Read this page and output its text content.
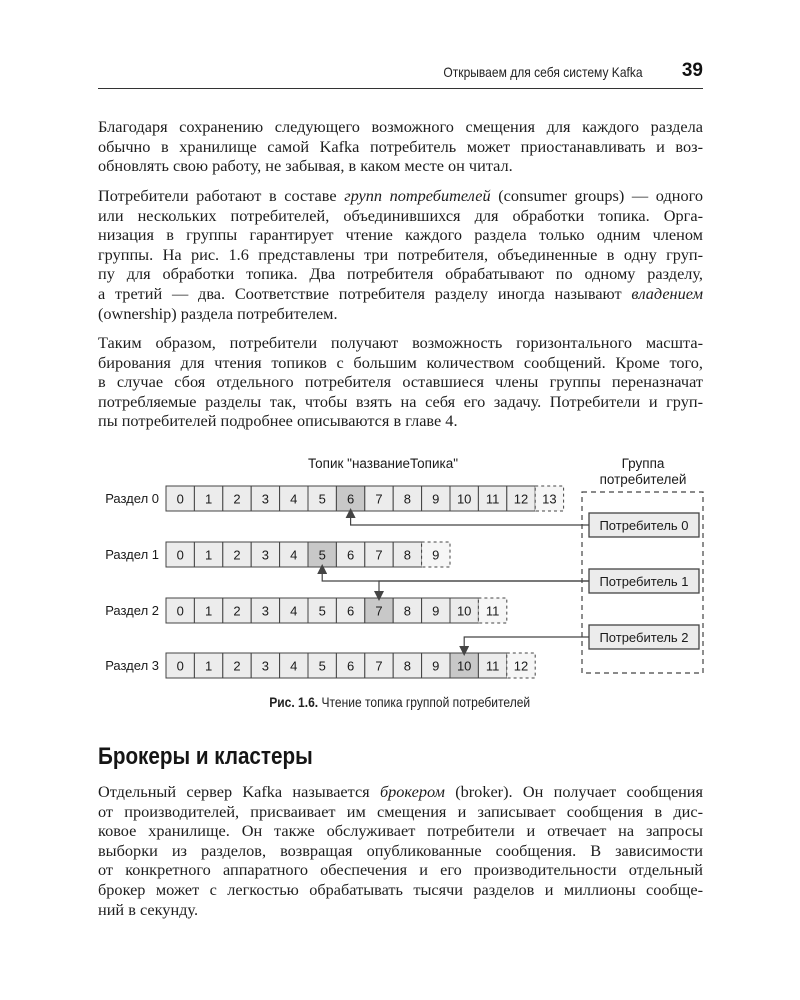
Открываем для себя систему Kafka 39

Благодаря сохранению следующего возможного смещения для каждого раздела
обычно в хранилище самой Kafka потребитель может приостанавливать и воз-
обновлять свою работу, не забывая, в каком месте он читал.

Потребители работают в составе групп потребителей (consumer groups) — одного
или нескольких потребителей, объединившихся для обработки топика. Орга-
низация в группы гарантирует чтение каждого раздела только одним членом
группы. На рис. 1.6 представлены три потребителя, объединенные в одну груп-
пу для обработки топика. Два потребителя обрабатывают по одному разделу,
а третий — два. Соответствие потребителя разделу иногда называют владением
(ownership) раздела потребителем.

Таким образом, потребители получают возможность горизонтального масшта-
бирования для чтения топиков с большим количеством сообщений. Кроме того,
в случае сбоя отдельного потребителя оставшиеся члены группы переназначат
потребляемые разделы так, чтобы взять на себя его задачу. Потребители и груп-
пы потребителей подробнее описываются в главе 4.

Топик "названиеТопика"	Группа
потребителей
Потребитель 0
Потребитель 1
Потребитель 2
Раздел 0 0 1 2 3 4 5 6 7 8 9 10 11 12 13
Раздел 1 0 1 2 3 4 5 6 7 8 9
Раздел 2 0 1 2 3 4 5 6 7 8 9 10 11
Раздел 3 0 1 2 3 4 5 6 7 8 9 10 11 12
Рис. 1.6. Чтение топика группой потребителей
Брокеры и кластеры

Отдельный сервер Kafka называется брокером (broker). Он получает сообщения
от производителей, присваивает им смещения и записывает сообщения в дис-
ковое хранилище. Он также обслуживает потребители и отвечает на запросы
выборки из разделов, возвращая опубликованные сообщения. В зависимости
от конкретного аппаратного обеспечения и его производительности отдельный
брокер может с легкостью обрабатывать тысячи разделов и миллионы сообще-
ний в секунду.
